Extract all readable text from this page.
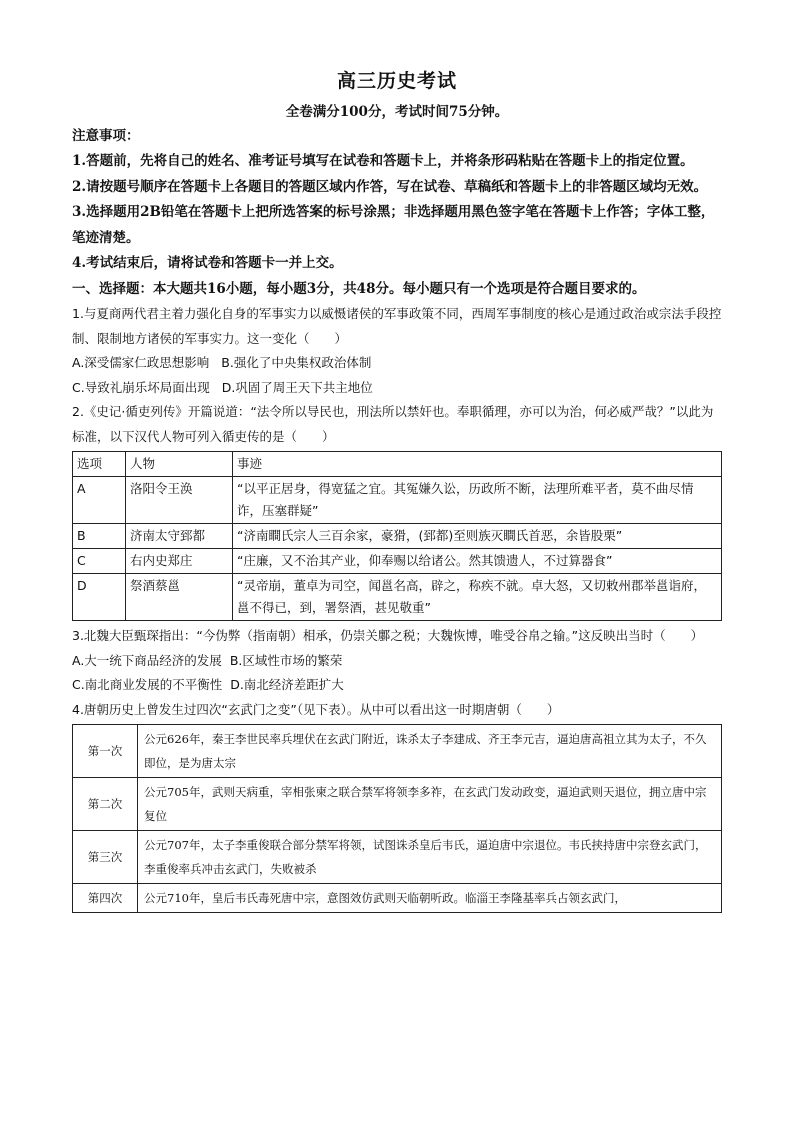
高三历史考试

全卷满分100分，考试时间75分钟。

注意事项：

1.答题前，先将自己的姓名、准考证号填写在试卷和答题卡上，并将条形码粘贴在答题卡上的指定位置。

2.请按题号顺序在答题卡上各题目的答题区域内作答，写在试卷、草稿纸和答题卡上的非答题区域均无效。

3.选择题用2B铅笔在答题卡上把所选答案的标号涂黑；非选择题用黑色签字笔在答题卡上作答；字体工整，笔迹清楚。

4.考试结束后，请将试卷和答题卡一并上交。

一、选择题：本大题共16小题，每小题3分，共48分。每小题只有一个选项是符合题目要求的。

1.与夏商两代君主着力强化自身的军事实力以威慑诸侯的军事政策不同，西周军事制度的核心是通过政治或宗法手段控制、限制地方诸侯的军事实力。这一变化（　　）

A.深受儒家仁政思想影响 B.强化了中央集权政治体制

C.导致礼崩乐坏局面出现 D.巩固了周王天下共主地位

2.《史记·循吏列传》开篇说道：“法令所以导民也，刑法所以禁奸也。奉职循理，亦可以为治，何必威严哉？”以此为标准，以下汉代人物可列入循吏传的是（　　）

选项	人物	事迹
A	洛阳令王涣	“以平正居身，得宽猛之宜。其冤嫌久讼，历政所不断，法理所难平者，莫不曲尽情诈，压塞群疑”
B	济南太守郅都	“济南瞷氏宗人三百余家，豪猾，(郅都)至则族灭瞷氏首恶，余皆股栗”
C	右内史郑庄	“庄廉，又不治其产业，仰奉赐以给诸公。然其馈遗人，不过算器食”
D	祭酒蔡邕	“灵帝崩，董卓为司空，闻邕名高，辟之，称疾不就。卓大怒，又切敕州郡举邕诣府，邕不得已，到，署祭酒，甚见敬重”

3.北魏大臣甄琛指出：“今伪弊（指南朝）相承，仍崇关鄽之税；大魏恢博，唯受谷帛之输。”这反映出当时（　　）

A.大一统下商品经济的发展 B.区域性市场的繁荣

C.南北商业发展的不平衡性 D.南北经济差距扩大

4.唐朝历史上曾发生过四次“玄武门之变”（见下表）。从中可以看出这一时期唐朝（　　）

第一次	公元626年，秦王李世民率兵埋伏在玄武门附近，诛杀太子李建成、齐王李元吉，逼迫唐高祖立其为太子，不久即位，是为唐太宗
第二次	公元705年，武则天病重，宰相张柬之联合禁军将领李多祚，在玄武门发动政变，逼迫武则天退位，拥立唐中宗复位
第三次	公元707年，太子李重俊联合部分禁军将领，试图诛杀皇后韦氏，逼迫唐中宗退位。韦氏挟持唐中宗登玄武门，李重俊率兵冲击玄武门，失败被杀
第四次	公元710年，皇后韦氏毒死唐中宗，意图效仿武则天临朝听政。临淄王李隆基率兵占领玄武门，
